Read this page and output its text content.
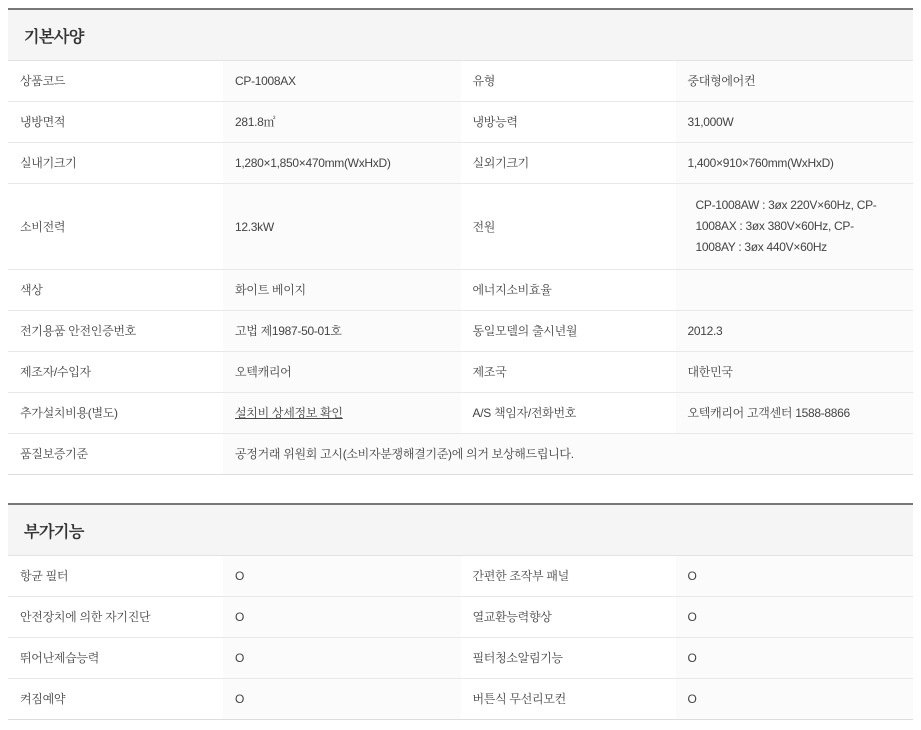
기본사양
상품코드	CP-1008AX	유형	중대형에어컨
냉방면적	281.8㎡	냉방능력	31,000W
실내기크기	1,280×1,850×470mm(WxHxD)	실외기크기	1,400×910×760mm(WxHxD)
소비전력	12.3kW	전원	CP-1008AW : 3øx 220V×60Hz, CP-
1008AX : 3øx 380V×60Hz, CP-
1008AY : 3øx 440V×60Hz

색상	화이트 베이지	에너지소비효율	
전기용품 안전인증번호	고법 제1987-50-01호	동일모델의 출시년월	2012.3
제조자/수입자	오텍캐리어	제조국	대한민국
추가설치비용(별도)	설치비 상세정보 확인	A/S 책임자/전화번호	오텍캐리어 고객센터 1588-8866
품질보증기준	공정거래 위원회 고시(소비자분쟁해결기준)에 의거 보상해드립니다.		
부가기능
항균 필터	O	간편한 조작부 패널	O
안전장치에 의한 자기진단	O	열교환능력향상	O
뛰어난제습능력	O	필터청소알림기능	O
켜짐예약	O	버튼식 무선리모컨	O
